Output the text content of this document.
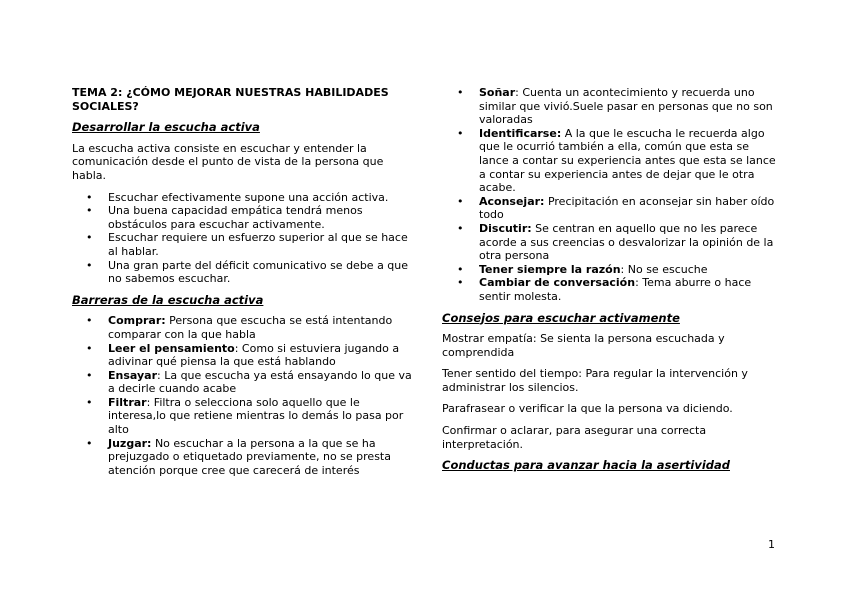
TEMA 2: ¿CÓMO MEJORAR NUESTRAS HABILIDADES SOCIALES?
Desarrollar la escucha activa

La escucha activa consiste en escuchar y entender la comunicación desde el punto de vista de la persona que habla.

• Escuchar efectivamente supone una acción activa.
• Una buena capacidad empática tendrá menos obstáculos para escuchar activamente.
• Escuchar requiere un esfuerzo superior al que se hace al hablar.
• Una gran parte del déficit comunicativo se debe a que no sabemos escuchar.
Barreras de la escucha activa
• Comprar: Persona que escucha se está intentando comparar con la que habla
• Leer el pensamiento: Como si estuviera jugando a adivinar qué piensa la que está hablando
• Ensayar: La que escucha ya está ensayando lo que va a decirle cuando acabe
• Filtrar: Filtra o selecciona solo aquello que le interesa,lo que retiene mientras lo demás lo pasa por alto
• Juzgar: No escuchar a la persona a la que se ha prejuzgado o etiquetado previamente, no se presta atención porque cree que carecerá de interés
• Soñar: Cuenta un acontecimiento y recuerda uno similar que vivió.Suele pasar en personas que no son valoradas
• Identificarse: A la que le escucha le recuerda algo que le ocurrió también a ella, común que esta se lance a contar su experiencia antes que esta se lance a contar su experiencia antes de dejar que le otra acabe.
• Aconsejar: Precipitación en aconsejar sin haber oído todo
• Discutir: Se centran en aquello que no les parece acorde a sus creencias o desvalorizar la opinión de la otra persona
• Tener siempre la razón: No se escuche
• Cambiar de conversación: Tema aburre o hace sentir molesta.
Consejos para escuchar activamente

Mostrar empatía: Se sienta la persona escuchada y comprendida

Tener sentido del tiempo: Para regular la intervención y administrar los silencios.

Parafrasear o verificar la que la persona va diciendo.

Confirmar o aclarar, para asegurar una correcta interpretación.

Conductas para avanzar hacia la asertividad
1
